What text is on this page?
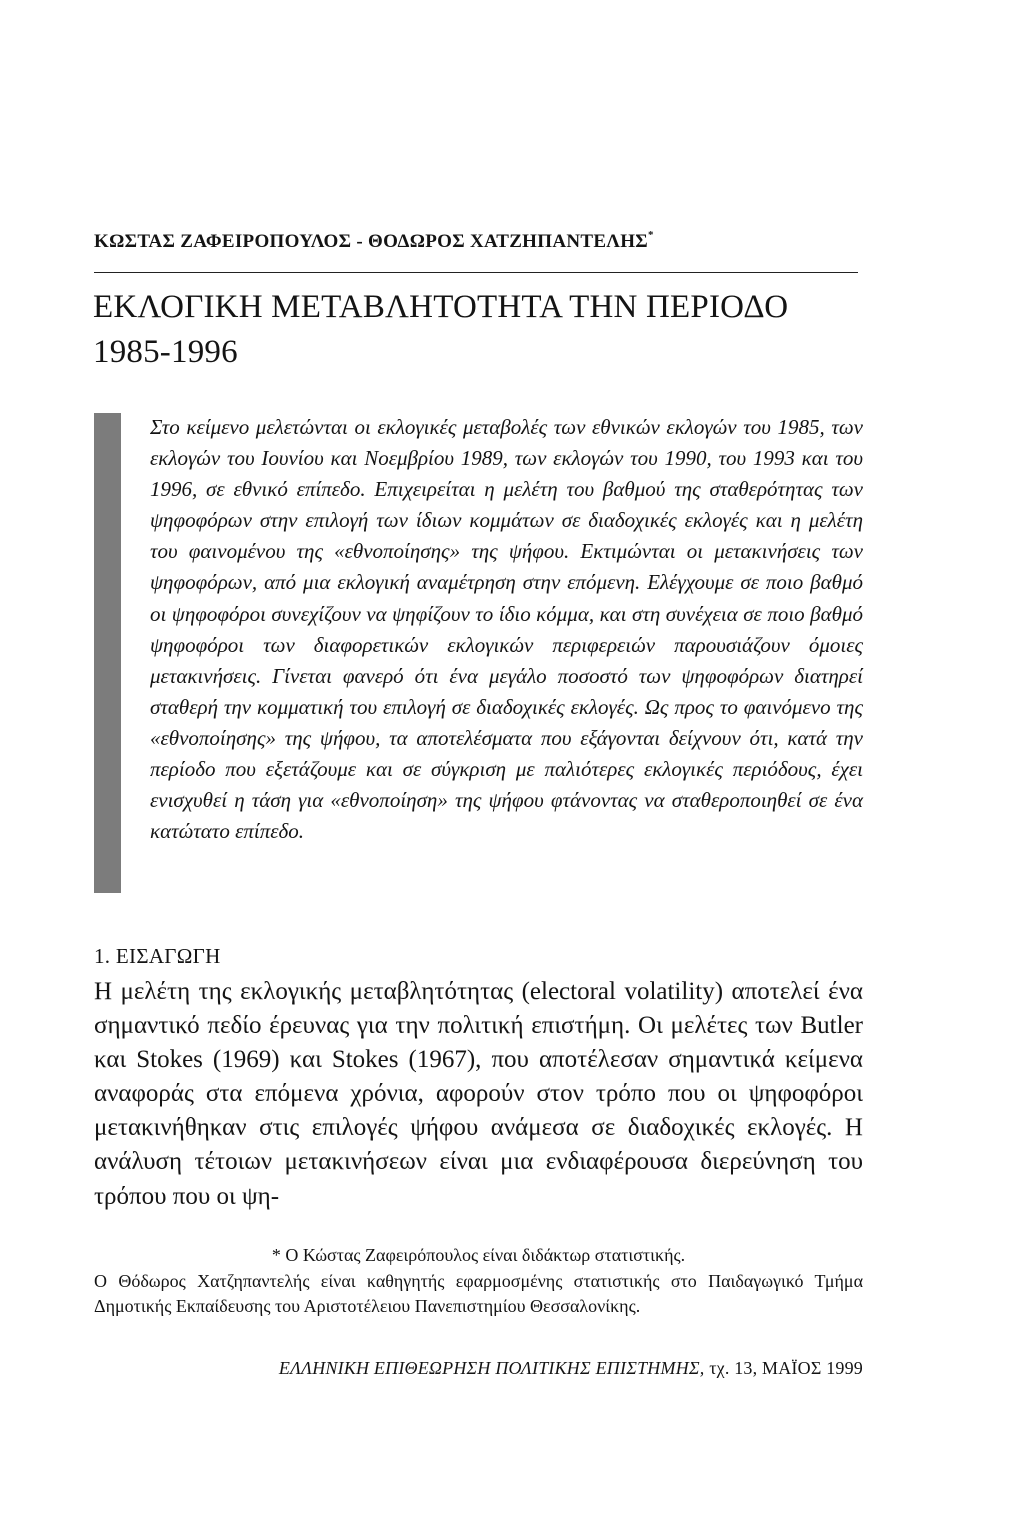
ΚΩΣΤΑΣ ΖΑΦΕΙΡΟΠΟΥΛΟΣ - ΘΟΔΩΡΟΣ ΧΑΤΖΗΠΑΝΤΕΛΗΣ*
ΕΚΛΟΓΙΚΗ ΜΕΤΑΒΛΗΤΟΤΗΤΑ ΤΗΝ ΠΕΡΙΟΔΟ
1985-1996

Στο κείμενο μελετώνται οι εκλογικές μεταβολές των εθνικών εκλογών του 1985, των εκλογών του Ιουνίου και Νοεμβρίου 1989, των εκλογών του 1990, του 1993 και του 1996, σε εθνικό επίπεδο. Επιχειρείται η μελέτη του βαθμού της σταθερότητας των ψηφοφόρων στην επιλογή των ίδιων κομμάτων σε διαδοχικές εκλογές και η μελέτη του φαινομένου της «εθνοποίησης» της ψήφου. Εκτιμώνται οι μετακινήσεις των ψηφοφόρων, από μια εκλογική αναμέτρηση στην επόμενη. Ελέγχουμε σε ποιο βαθμό οι ψηφοφόροι συνεχίζουν να ψηφίζουν το ίδιο κόμμα, και στη συνέχεια σε ποιο βαθμό ψηφοφόροι των διαφορετικών εκλογικών περιφερειών παρουσιάζουν όμοιες μετακινήσεις. Γίνεται φανερό ότι ένα μεγάλο ποσοστό των ψηφοφόρων διατηρεί σταθερή την κομματική του επιλογή σε διαδοχικές εκλογές. Ως προς το φαινόμενο της «εθνοποίησης» της ψήφου, τα αποτελέσματα που εξάγονται δείχνουν ότι, κατά την περίοδο που εξετάζουμε και σε σύγκριση με παλιότερες εκλογικές περιόδους, έχει ενισχυθεί η τάση για «εθνοποίηση» της ψήφου φτάνοντας να σταθεροποιηθεί σε ένα κατώτατο επίπεδο.

1. ΕΙΣΑΓΩΓΗ

Η μελέτη της εκλογικής μεταβλητότητας (electoral volatility) αποτελεί ένα σημαντικό πεδίο έρευνας για την πολιτική επιστήμη. Οι μελέτες των Butler και Stokes (1969) και Stokes (1967), που αποτέλεσαν σημαντικά κείμενα αναφοράς στα επόμενα χρόνια, αφορούν στον τρόπο που οι ψηφοφόροι μετακινήθηκαν στις επιλογές ψήφου ανάμεσα σε διαδοχικές εκλογές. Η ανάλυση τέτοιων μετακινήσεων είναι μια ενδιαφέρουσα διερεύνηση του τρόπου που οι ψη-

* Ο Κώστας Ζαφειρόπουλος είναι διδάκτωρ στατιστικής.

Ο Θόδωρος Χατζηπαντελής είναι καθηγητής εφαρμοσμένης στατιστικής στο Παιδαγωγικό Τμήμα Δημοτικής Εκπαίδευσης του Αριστοτέλειου Πανεπιστημίου Θεσσαλονίκης.

ΕΛΛΗΝΙΚΗ ΕΠΙΘΕΩΡΗΣΗ ΠΟΛΙΤΙΚΗΣ ΕΠΙΣΤΗΜΗΣ, τχ. 13, ΜΑΪΟΣ 1999
